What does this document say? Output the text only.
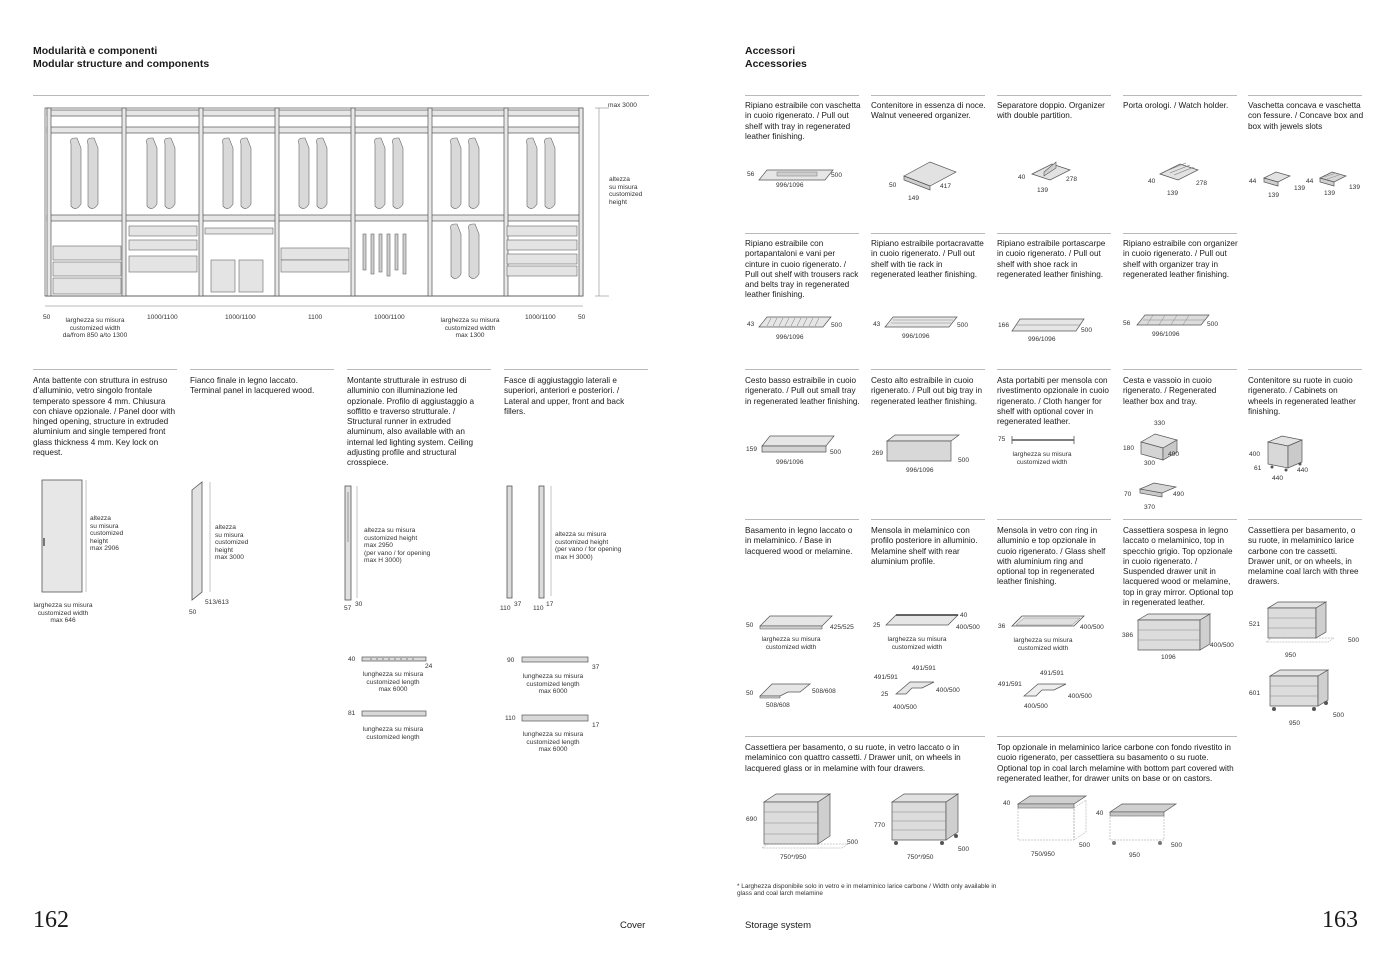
Modularità e componenti
Modular structure and components
max 3000
altezza
su misura
customized
height
50	larghezza su misura
customized width
da/from 850 a/to 1300
1000/1100	1000/1100	1100	1000/1100	larghezza su misura
customized width
max 1300
1000/1100	50
Anta battente con struttura in estruso d’alluminio, vetro singolo frontale temperato spessore 4 mm. Chiusura con chiave opzionale. / Panel door with hinged opening, structure in extruded aluminium and single tempered front glass thickness 4 mm. Key lock on request.
Fianco finale in legno laccato. Terminal panel in lacquered wood.
Montante strutturale in estruso di alluminio con illuminazione led opzionale. Profilo di aggiustaggio a soffitto e traverso strutturale. / Structural runner in extruded aluminum, also available with an internal led lighting system. Ceiling adjusting profile and structural crosspiece.
Fasce di aggiustaggio laterali e superiori, anteriori e posteriori. / Lateral and upper, front and back fillers.
altezza
su misura
customized
height
max 2906
larghezza su misura
customized width
max 646
altezza
su misura
customized
height
max 3000
513/613
50
altezza su misura
customized height
max 2950
(per vano / for opening
max H 3000)
57
30
40
24
lunghezza su misura
customized length
max 6000
81
lunghezza su misura
customized length
altezza su misura
customized height
(per vano / for opening
max H 3000)
110
37
110
17
90
37
lunghezza su misura
customized length
max 6000
110
17
lunghezza su misura
customized length
max 6000
162	Cover
Accessori
Accessories
Ripiano estraibile con vaschetta in cuoio rigenerato. / Pull out shelf with tray in regenerated leather finishing.
Contenitore in essenza di noce. Walnut veneered organizer.
Separatore doppio. Organizer with double partition.
Porta orologi. / Watch holder.	Vaschetta concava e vaschetta con fessure. / Concave box and box with jewels slots
Ripiano estraibile con portapantaloni e vani per cinture in cuoio rigenerato. / Pull out shelf with trousers rack and belts tray in regenerated leather finishing.
Ripiano estraibile portacravatte in cuoio rigenerato. / Pull out shelf with tie rack in regenerated leather finishing.
Ripiano estraibile portascarpe in cuoio rigenerato. / Pull out shelf with shoe rack in regenerated leather finishing.
Ripiano estraibile con organizer in cuoio rigenerato. / Pull out shelf with organizer tray in regenerated leather finishing.
Cesto basso estraibile in cuoio rigenerato. / Pull out small tray in regenerated leather finishing.
Cesto alto estraibile in cuoio rigenerato. / Pull out big tray in regenerated leather finishing.
Asta portabiti per mensola con rivestimento opzionale in cuoio rigenerato. / Cloth hanger for shelf with optional cover in regenerated leather.
Cesta e vassoio in cuoio rigenerato. / Regenerated leather box and tray.
Contenitore su ruote in cuoio rigenerato. / Cabinets on wheels in regenerated leather finishing.
Basamento in legno laccato o in melaminico. / Base in lacquered wood or melamine.
Mensola in melaminico con profilo posteriore in alluminio. Melamine shelf with rear aluminium profile.
Mensola in vetro con ring in alluminio e top opzionale in cuoio rigenerato. / Glass shelf with aluminium ring and optional top in regenerated leather finishing.
Cassettiera sospesa in legno laccato o melaminico, top in specchio grigio. Top opzionale in cuoio rigenerato. / Suspended drawer unit in lacquered wood or melamine, top in gray mirror. Optional top in regenerated leather.
Cassettiera per basamento, o su ruote, in melaminico larice carbone con tre cassetti. Drawer unit, or on wheels, in melamine coal larch with three drawers.
Cassettiera per basamento, o su ruote, in vetro laccato o in melaminico con quattro cassetti. / Drawer unit, on wheels in lacquered glass or in melamine with four drawers.
Top opzionale in melaminico larice carbone con fondo rivestito in cuoio rigenerato, per cassettiera su basamento o su ruote. Optional top in coal larch melamine with bottom part covered with regenerated leather, for drawer units on base or on castors.
56
996/1096
500
50
149
417
40
139
278	40
139
278	44
139
139
44
139
139
43
996/1096
500	43
996/1096
500	166
996/1096
500
56
996/1096
500
159
996/1096
500	269
996/1096
500
75
larghezza su misura
customized width
330
180
300
490
70
370
490
400
61
440
440
50
larghezza su misura
customized width
425/525
50	508/608
508/608
25
larghezza su misura
customized width
40
400/500
491/591
491/591
25
400/500
400/500
36
larghezza su misura
customized width
400/500
491/591
491/591
400/500
400/500
386
1096
400/500
521
950
500
601
950
500
690
750*/950
500
770
750*/950
500
40
750/950
500
40
950
500
* Larghezza disponibile solo in vetro e in melaminico larice carbone / Width only available in glass and coal larch melamine
Storage system	163
